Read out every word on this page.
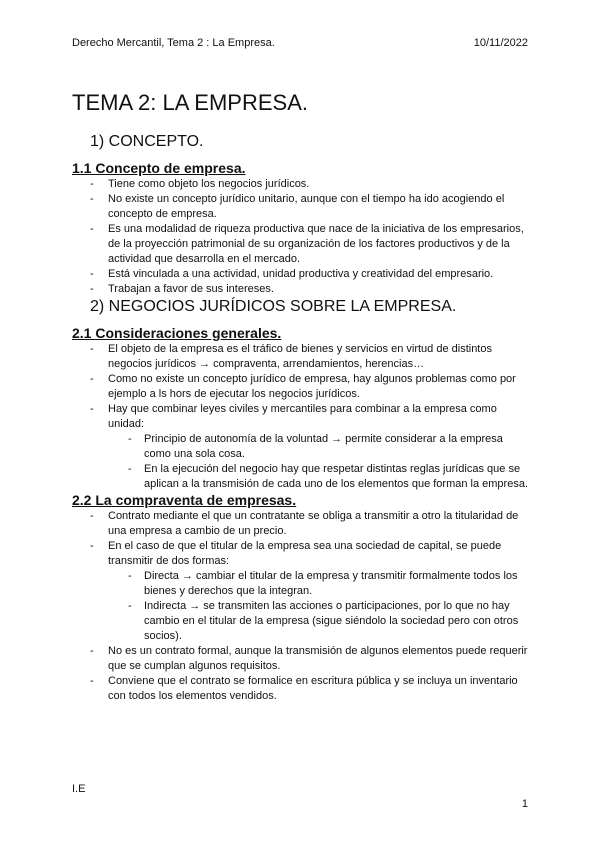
Derecho Mercantil, Tema 2 : La Empresa.	10/11/2022
TEMA 2: LA EMPRESA.
1) CONCEPTO.
1.1 Concepto de empresa.
- Tiene como objeto los negocios jurídicos.
- No existe un concepto jurídico unitario, aunque con el tiempo ha ido acogiendo el concepto de empresa.
- Es una modalidad de riqueza productiva que nace de la iniciativa de los empresarios, de la proyección patrimonial de su organización de los factores productivos y de la actividad que desarrolla en el mercado.
- Está vinculada a una actividad, unidad productiva y creatividad del empresario.
- Trabajan a favor de sus intereses.
2) NEGOCIOS JURÍDICOS SOBRE LA EMPRESA.
2.1 Consideraciones generales.
- El objeto de la empresa es el tráfico de bienes y servicios en virtud de distintos negocios jurídicos → compraventa, arrendamientos, herencias…
- Como no existe un concepto jurídico de empresa, hay algunos problemas como por ejemplo a ls hors de ejecutar los negocios jurídicos.
- Hay que combinar leyes civiles y mercantiles para combinar a la empresa como unidad:
- Principio de autonomía de la voluntad → permite considerar a la empresa como una sola cosa.
- En la ejecución del negocio hay que respetar distintas reglas jurídicas que se aplican a la transmisión de cada uno de los elementos que forman la empresa.
2.2 La compraventa de empresas.
- Contrato mediante el que un contratante se obliga a transmitir a otro la titularidad de una empresa a cambio de un precio.
- En el caso de que el titular de la empresa sea una sociedad de capital, se puede transmitir de dos formas:
- Directa → cambiar el titular de la empresa y transmitir formalmente todos los bienes y derechos que la integran.
- Indirecta → se transmiten las acciones o participaciones, por lo que no hay cambio en el titular de la empresa (sigue siéndolo la sociedad pero con otros socios).
- No es un contrato formal, aunque la transmisión de algunos elementos puede requerir que se cumplan algunos requisitos.
- Conviene que el contrato se formalice en escritura pública y se incluya un inventario con todos los elementos vendidos.
I.E
1
